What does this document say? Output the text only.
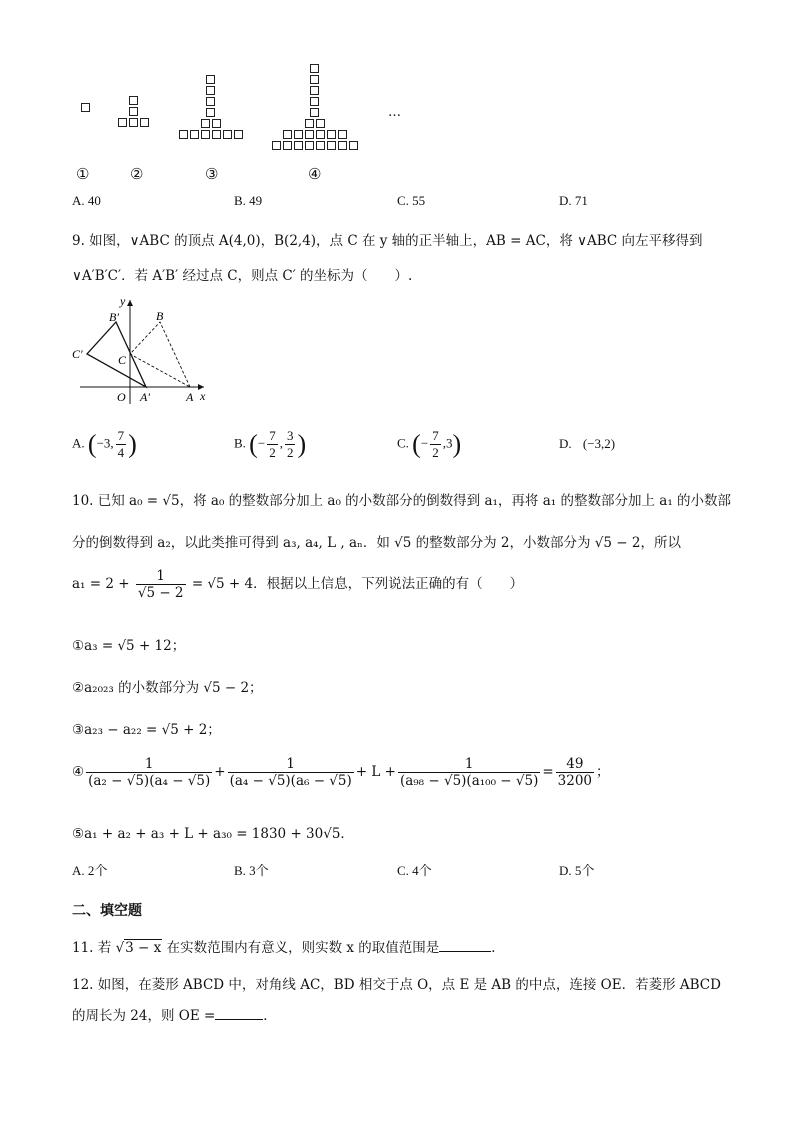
…
①	②	③	④
A. 40	B. 49	C. 55	D. 71
9. 如图，∨ABC 的顶点 A(4,0)，B(2,4)，点 C 在 y 轴的正半轴上，AB = AC，将 ∨ABC 向左平移得到
∨A′B′C′．若 A′B′ 经过点 C，则点 C′ 的坐标为（　　）.
y
x
O A′	A
B
B′
C
C′
A. (−3, $\frac{7}{4}$ )	B. (− $\frac{7}{2}$ , $\frac{3}{2}$ )	C. (− $\frac{7}{2} ,3$)	D. (−3,2)
10. 已知 a₀ = √5，将 a₀ 的整数部分加上 a₀ 的小数部分的倒数得到 a₁，再将 a₁ 的整数部分加上 a₁ 的小数部
分的倒数得到 a₂，以此类推可得到 a₃, a₄, L , aₙ．如 √5 的整数部分为 2，小数部分为 √5 − 2，所以
$a_1 = 2 + \frac{1}{√5 - 2} = √5 + 4$．根据以上信息，下列说法正确的有（　　）
①a₃ = √5 + 12；
②a₂₀₂₃ 的小数部分为 √5 − 2；
③a₂₃ − a₂₂ = √5 + 2；
④ $\frac{1}{\text{(a₂ − √5)(a₄ − √5)}} + \frac{1}{\text{(a₄ − √5)(a₆ − √5)}} + L + \frac{1}{\text{(a₉₈ − √5)(a₁₀₀ − √5)}} = \frac{49}{3200}$ ；
⑤a₁ + a₂ + a₃ + L + a₃₀ = 1830 + 30√5．
A. 2个	B. 3个	C. 4个	D. 5个
二、填空题
11. 若 √3 − x 在实数范围内有意义，则实数 x 的取值范围是	．
12. 如图，在菱形 ABCD 中，对角线 AC，BD 相交于点 O，点 E 是 AB 的中点，连接 OE．若菱形 ABCD
的周长为 24，则 OE =	．
